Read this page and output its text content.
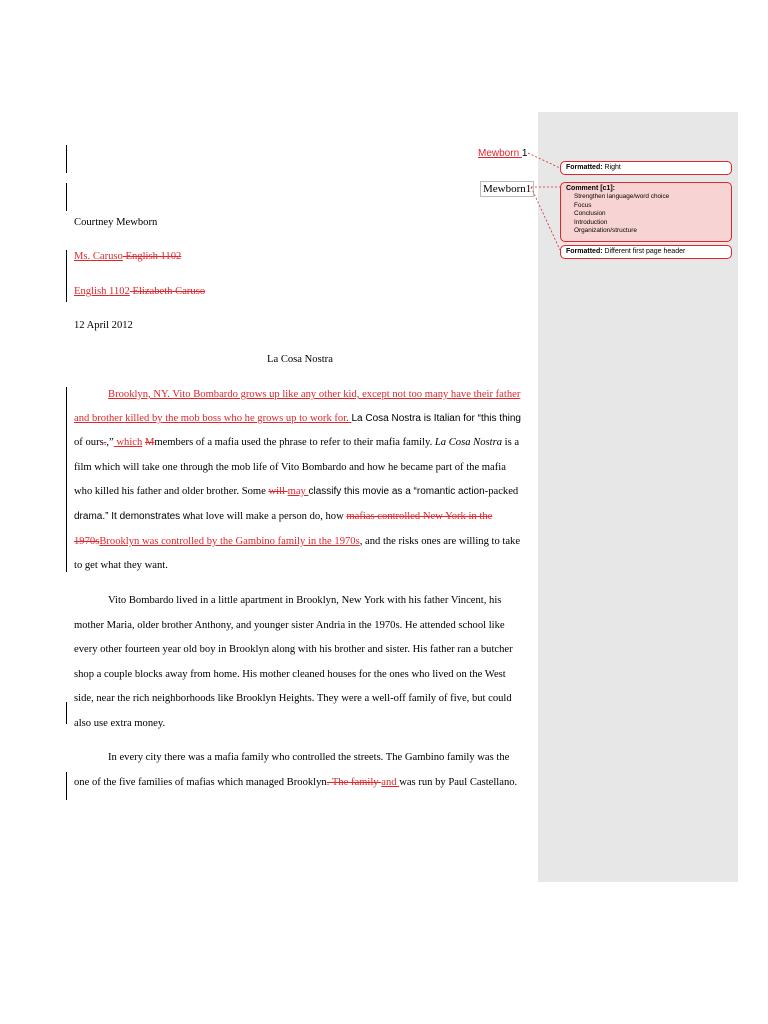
Mewborn 1
Mewborn1
Courtney Mewborn
Ms. Caruso English 1102
English 1102 Elizabeth Caruso
12 April 2012
La Cosa Nostra
Brooklyn, NY. Vito Bombardo grows up like any other kid, except not too many have their father
and brother killed by the mob boss who he grows up to work for. La Cosa Nostra is Italian for “this thing
of ours.,” which Mmembers of a mafia used the phrase to refer to their mafia family. La Cosa Nostra is a
film which will take one through the mob life of Vito Bombardo and how he became part of the mafia
who killed his father and older brother. Some will may classify this movie as a “romantic action-packed
drama.” It demonstrates what love will make a person do, how mafias controlled New York in the
1970sBrooklyn was controlled by the Gambino family in the 1970s, and the risks ones are willing to take
to get what they want.
Vito Bombardo lived in a little apartment in Brooklyn, New York with his father Vincent, his
mother Maria, older brother Anthony, and younger sister Andria in the 1970s. He attended school like
every other fourteen year old boy in Brooklyn along with his brother and sister. His father ran a butcher
shop a couple blocks away from home. His mother cleaned houses for the ones who lived on the West
side, near the rich neighborhoods like Brooklyn Heights. They were a well-off family of five, but could
also use extra money.
In every city there was a mafia family who controlled the streets. The Gambino family was the
one of the five families of mafias which managed Brooklyn. The family and was run by Paul Castellano.
Formatted: Right
Comment [c1]:
Strengthen language/word choice
Focus
Conclusion
Introduction
Organization/structure
Formatted: Different first page header
